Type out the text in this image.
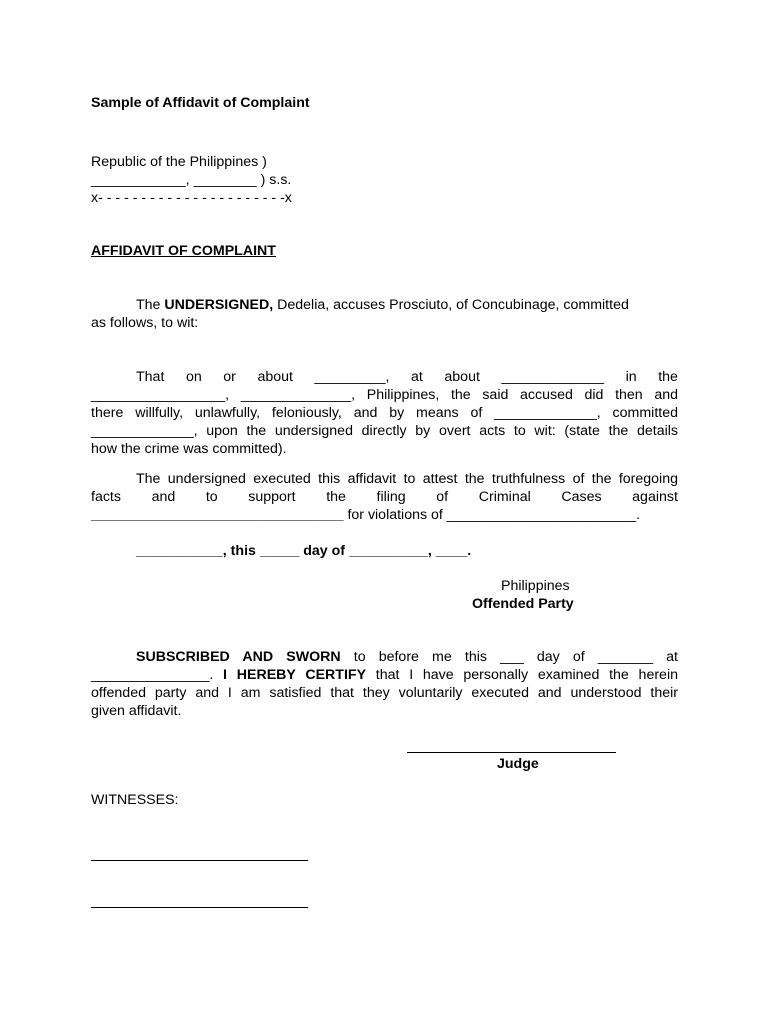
Sample of Affidavit of Complaint

Republic of the Philippines )

____________, ________ ) s.s.

x- - - - - - - - - - - - - - - - - - - - - -x

AFFIDAVIT OF COMPLAINT

The UNDERSIGNED, Dedelia, accuses Prosciuto, of Concubinage, committed

as follows, to wit:

That on or about _________, at about _____________ in the

_________________, ______________, Philippines, the said accused did then and

there willfully, unlawfully, feloniously, and by means of _____________, committed

_____________, upon the undersigned directly by overt acts to wit: (state the details

how the crime was committed).

The undersigned executed this affidavit to attest the truthfulness of the foregoing

facts and to support the filing of Criminal Cases against

________________________________ for violations of ________________________.

___________, this _____ day of __________, ____.

Philippines

Offended Party

SUBSCRIBED AND SWORN to before me this ___ day of _______ at

_______________. I HEREBY CERTIFY that I have personally examined the herein

offended party and I am satisfied that they voluntarily executed and understood their

given affidavit.

Judge

WITNESSES:
